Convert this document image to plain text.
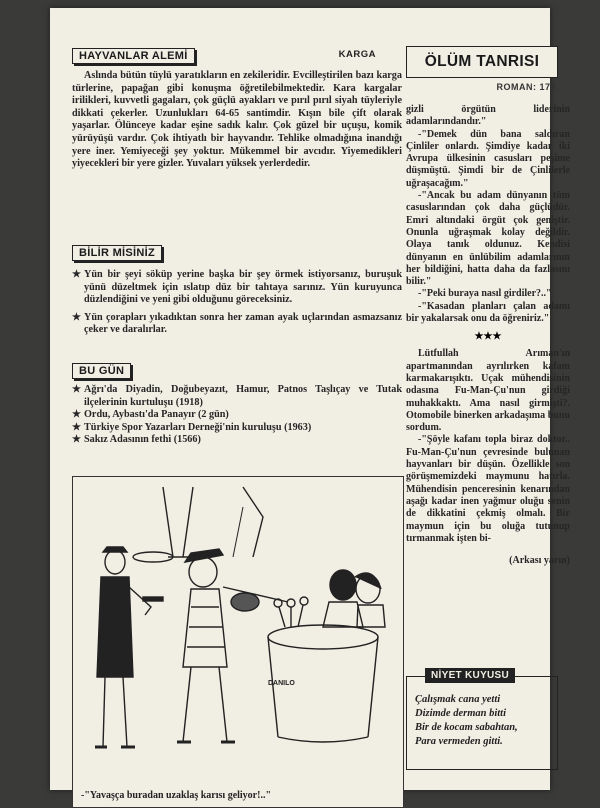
HAYVANLAR ALEMİ	KARGA

Aslında bütün tüylü yaratıkların en zekileridir. Evcilleştirilen bazı karga türlerine, papağan gibi konuşma öğretilebilmektedir. Kara kargalar irilikleri, kuvvetli gagaları, çok güçlü ayakları ve pırıl pırıl siyah tüyleriyle dikkati çekerler. Uzunlukları 64-65 santimdir. Kışın bile çift olarak yaşarlar. Ölünceye kadar eşine sadık kalır. Çok güzel bir uçuşu, komik yürüyüşü vardır. Çok ihtiyatlı bir hayvandır. Tehlike olmadığına inandığı yere iner. Yemiyeceği şey yoktur. Mükemmel bir avcıdır. Yiyemedikleri yiyecekleri bir yere gizler. Yuvaları yüksek yerlerdedir.

BİLİR MİSİNİZ
★ Yün bir şeyi söküp yerine başka bir şey örmek istiyorsanız, buruşuk yünü düzeltmek için ıslatıp düz bir tahtaya sarınız. Yün kuruyunca düzlendiğini ve yeni gibi olduğunu göreceksiniz.
★ Yün çorapları yıkadıktan sonra her zaman ayak uçlarından asmazsanız çeker ve daralırlar.
BU GÜN
★ Ağrı'da Diyadin, Doğubeyazıt, Hamur, Patnos Taşlıçay ve Tutak ilçelerinin kurtuluşu (1918)
★ Ordu, Aybastı'da Panayır (2 gün)
★ Türkiye Spor Yazarları Derneği'nin kuruluşu (1963)
★ Sakız Adasının fethi (1566)
DANILO
-"Yavaşça buradan uzaklaş karısı geliyor!.."
ÖLÜM TANRISI
ROMAN: 178

gizli örgütün liderinin adamlarındandır."

-"Demek dün bana saldıran Çinliler onlardı. Şimdiye kadar iki Avrupa ülkesinin casusları peşime düşmüştü. Şimdi bir de Çinlilerle uğraşacağım."

-"Ancak bu adam dünyanın tüm casuslarından çok daha güçlüdür. Emri altındaki örgüt çok geniştir. Onunla uğraşmak kolay değildir. Olaya tanık oldunuz. Kendisi dünyanın en ünlübilim adamlarının her bildiğini, hatta daha da fazlasını bilir."

-"Peki buraya nasıl girdiler?.."

-"Kasadan planları çalan adamı bir yakalarsak onu da öğreniriz."

★★★

Lütfullah Arıman'ın apartmanından ayrılırken kafam karmakarışıktı. Uçak mühendisinin odasına Fu-Man-Çu'nun girdiği muhakkaktı. Ama nasıl girmişti?. Otomobile binerken arkadaşıma bunu sordum.

-"Şöyle kafanı topla biraz doktor.. Fu-Man-Çu'nun çevresinde bulunan hayvanları bir düşün. Özellikle son görüşmemizdeki maymunu hatırla. Mühendisin penceresinin kenarından aşağı kadar inen yağmur oluğu senin de dikkatini çekmiş olmalı. Bir maymun için bu oluğa tutunup tırmanmak işten bi-

(Arkası yarın)

NİYET KUYUSU
Çalışmak cana yetti
Dizimde derman bitti
Bir de kocam sabahtan,
Para vermeden gitti.
